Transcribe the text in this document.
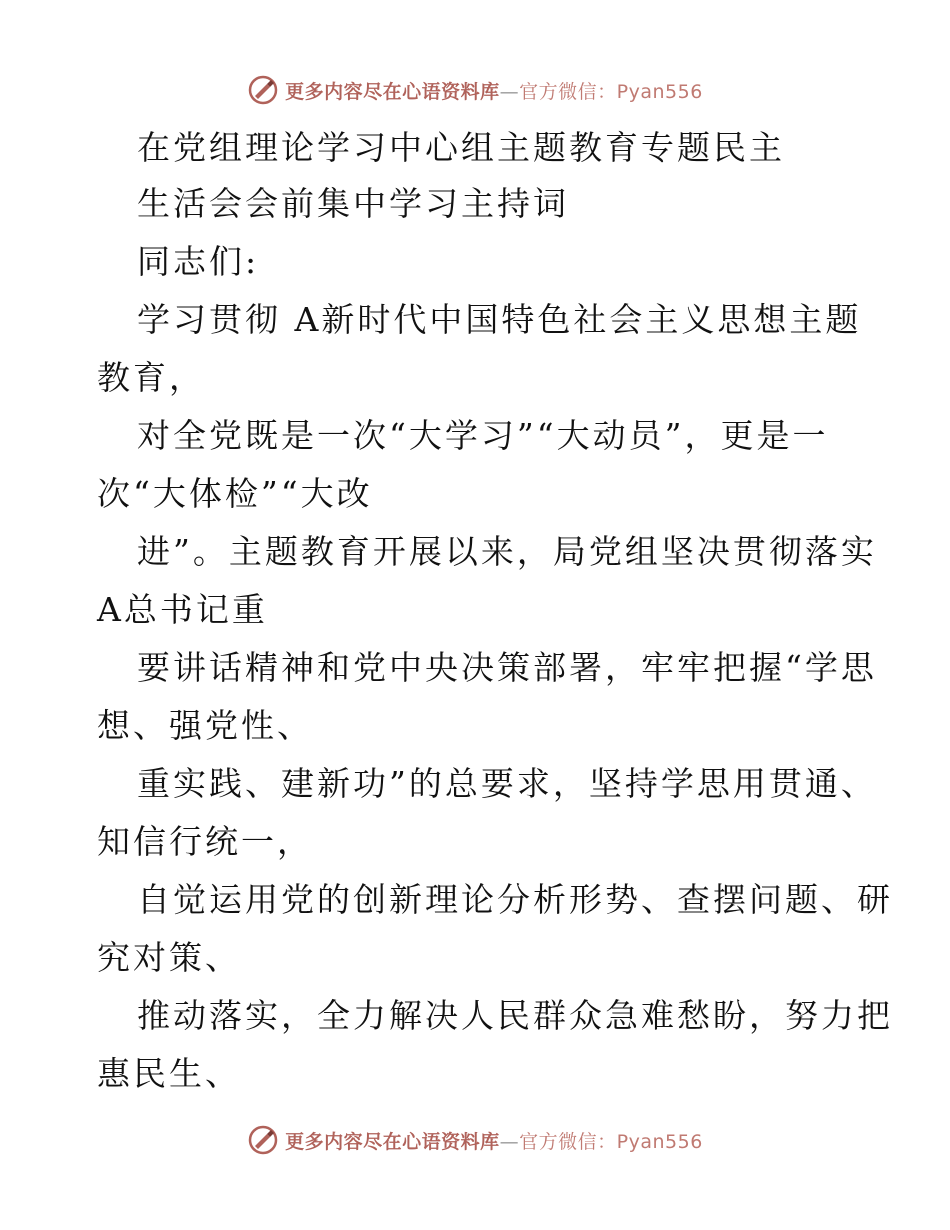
更多内容尽在心语资料库—官方微信：Pyan556
在党组理论学习中心组主题教育专题民主
生活会会前集中学习主持词
同志们:
学习贯彻 A新时代中国特色社会主义思想主题
教育，
对全党既是一次“大学习”“大动员”，更是一
次“大体检”“大改
进”。主题教育开展以来，局党组坚决贯彻落实
A总书记重
要讲话精神和党中央决策部署，牢牢把握“学思
想、强党性、
重实践、建新功”的总要求，坚持学思用贯通、
知信行统一，
自觉运用党的创新理论分析形势、查摆问题、研
究对策、
推动落实，全力解决人民群众急难愁盼，努力把
惠民生、
更多内容尽在心语资料库—官方微信：Pyan556
